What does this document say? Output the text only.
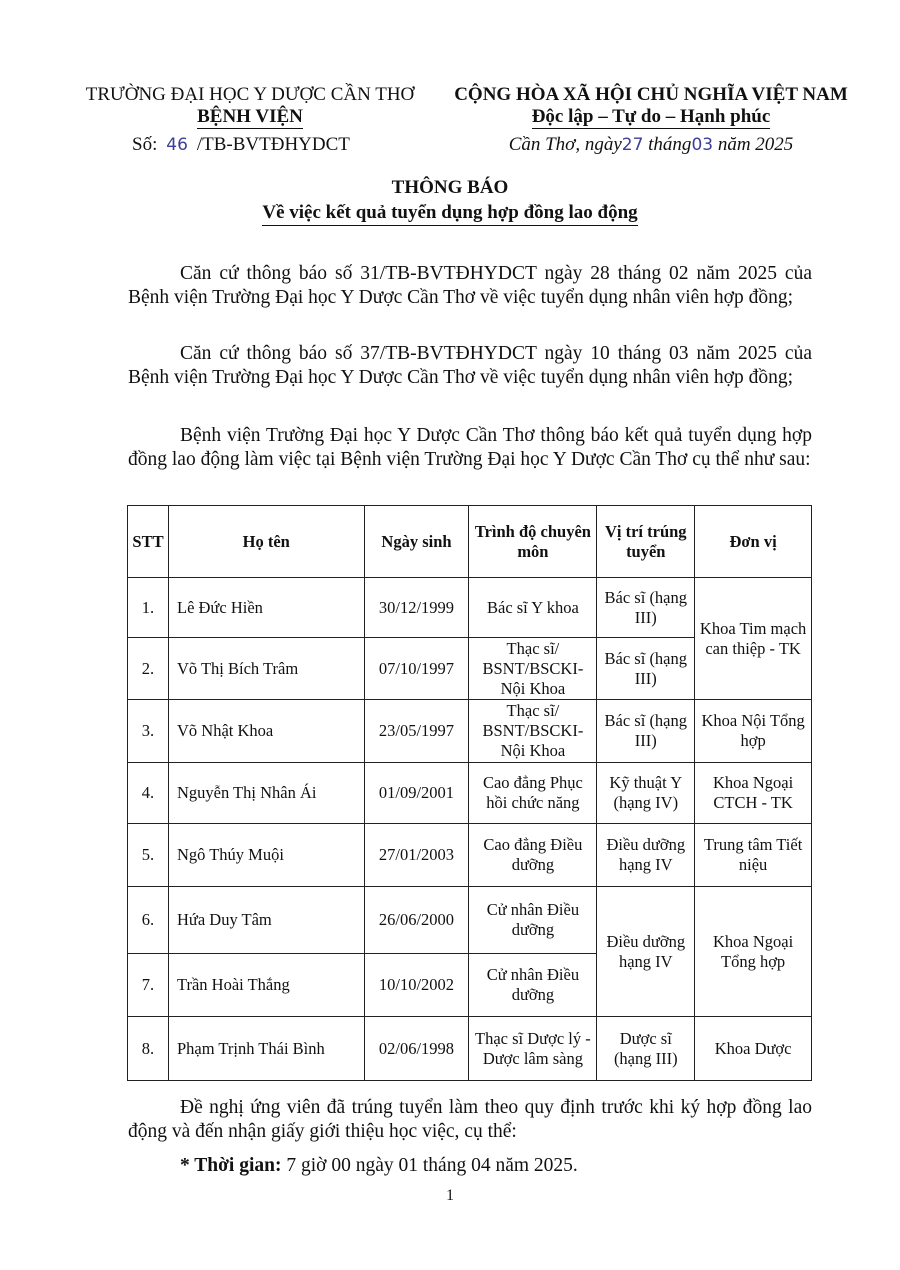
TRƯỜNG ĐẠI HỌC Y DƯỢC CẦN THƠ
BỆNH VIỆN
Số: 46 /TB-BVTĐHYDCT
CỘNG HÒA XÃ HỘI CHỦ NGHĨA VIỆT NAM
Độc lập – Tự do – Hạnh phúc
Cần Thơ, ngày27 tháng03 năm 2025
THÔNG BÁO
Về việc kết quả tuyển dụng hợp đồng lao động
Căn cứ thông báo số 31/TB-BVTĐHYDCT ngày 28 tháng 02 năm 2025 của Bệnh viện Trường Đại học Y Dược Cần Thơ về việc tuyển dụng nhân viên hợp đồng;
Căn cứ thông báo số 37/TB-BVTĐHYDCT ngày 10 tháng 03 năm 2025 của Bệnh viện Trường Đại học Y Dược Cần Thơ về việc tuyển dụng nhân viên hợp đồng;
Bệnh viện Trường Đại học Y Dược Cần Thơ thông báo kết quả tuyển dụng hợp đồng lao động làm việc tại Bệnh viện Trường Đại học Y Dược Cần Thơ cụ thể như sau:
STT	Họ tên	Ngày sinh	Trình độ chuyên môn	Vị trí trúng tuyển	Đơn vị
1.	Lê Đức Hiền	30/12/1999	Bác sĩ Y khoa	Bác sĩ (hạng III)	Khoa Tim mạch can thiệp - TK
2.	Võ Thị Bích Trâm	07/10/1997	Thạc sĩ/ BSNT/BSCKI-Nội Khoa	Bác sĩ (hạng III)	
3.	Võ Nhật Khoa	23/05/1997	Thạc sĩ/ BSNT/BSCKI-Nội Khoa	Bác sĩ (hạng III)	Khoa Nội Tổng hợp
4.	Nguyễn Thị Nhân Ái	01/09/2001	Cao đẳng Phục hồi chức năng	Kỹ thuật Y (hạng IV)	Khoa Ngoại CTCH - TK
5.	Ngô Thúy Muội	27/01/2003	Cao đẳng Điều dưỡng	Điều dưỡng hạng IV	Trung tâm Tiết niệu
6.	Hứa Duy Tâm	26/06/2000	Cử nhân Điều dưỡng	Điều dưỡng hạng IV	Khoa Ngoại Tổng hợp
7.	Trần Hoài Thắng	10/10/2002	Cử nhân Điều dưỡng		
8.	Phạm Trịnh Thái Bình	02/06/1998	Thạc sĩ Dược lý - Dược lâm sàng	Dược sĩ (hạng III)	Khoa Dược
Đề nghị ứng viên đã trúng tuyển làm theo quy định trước khi ký hợp đồng lao động và đến nhận giấy giới thiệu học việc, cụ thể:
* Thời gian: 7 giờ 00 ngày 01 tháng 04 năm 2025.
1
